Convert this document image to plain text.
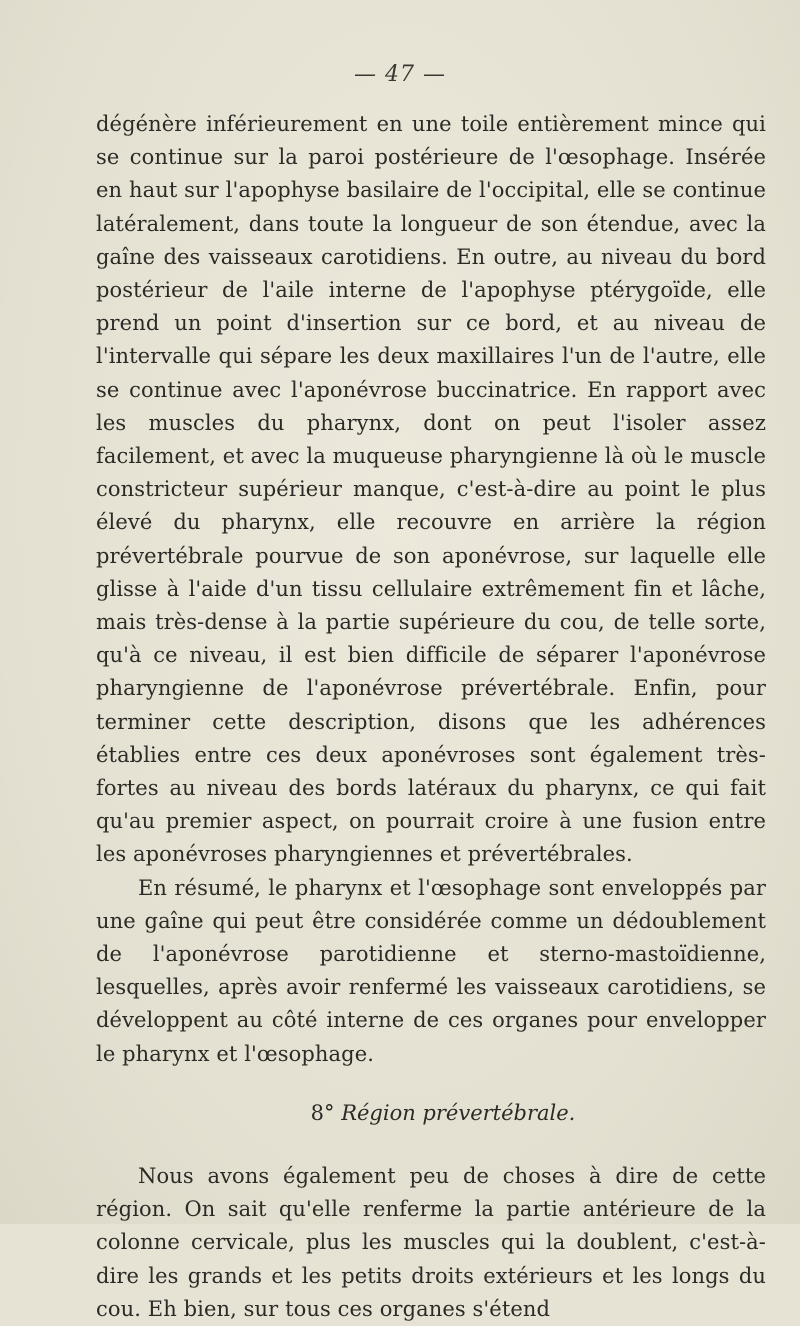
— 47 —

dégénère inférieurement en une toile entièrement mince qui se continue sur la paroi postérieure de l'œsophage. Insérée en haut sur l'apophyse basilaire de l'occipital, elle se continue latéralement, dans toute la longueur de son étendue, avec la gaîne des vaisseaux carotidiens. En outre, au niveau du bord postérieur de l'aile interne de l'apophyse ptérygoïde, elle prend un point d'insertion sur ce bord, et au niveau de l'intervalle qui sépare les deux maxillaires l'un de l'autre, elle se continue avec l'aponévrose buccinatrice. En rapport avec les muscles du pharynx, dont on peut l'isoler assez facilement, et avec la muqueuse pharyngienne là où le muscle constricteur supérieur manque, c'est-à-dire au point le plus élevé du pharynx, elle recouvre en arrière la région prévertébrale pourvue de son aponévrose, sur laquelle elle glisse à l'aide d'un tissu cellulaire extrêmement fin et lâche, mais très-dense à la partie supérieure du cou, de telle sorte, qu'à ce niveau, il est bien difficile de séparer l'aponévrose pharyngienne de l'aponévrose prévertébrale. Enfin, pour terminer cette description, disons que les adhérences établies entre ces deux aponévroses sont également très-fortes au niveau des bords latéraux du pharynx, ce qui fait qu'au premier aspect, on pourrait croire à une fusion entre les aponévroses pharyngiennes et prévertébrales.

En résumé, le pharynx et l'œsophage sont enveloppés par une gaîne qui peut être considérée comme un dédoublement de l'aponévrose parotidienne et sterno-mastoïdienne, lesquelles, après avoir renfermé les vaisseaux carotidiens, se développent au côté interne de ces organes pour envelopper le pharynx et l'œsophage.

8° Région prévertébrale.

Nous avons également peu de choses à dire de cette région. On sait qu'elle renferme la partie antérieure de la colonne cervicale, plus les muscles qui la doublent, c'est-à-dire les grands et les petits droits extérieurs et les longs du cou. Eh bien, sur tous ces organes s'étend
